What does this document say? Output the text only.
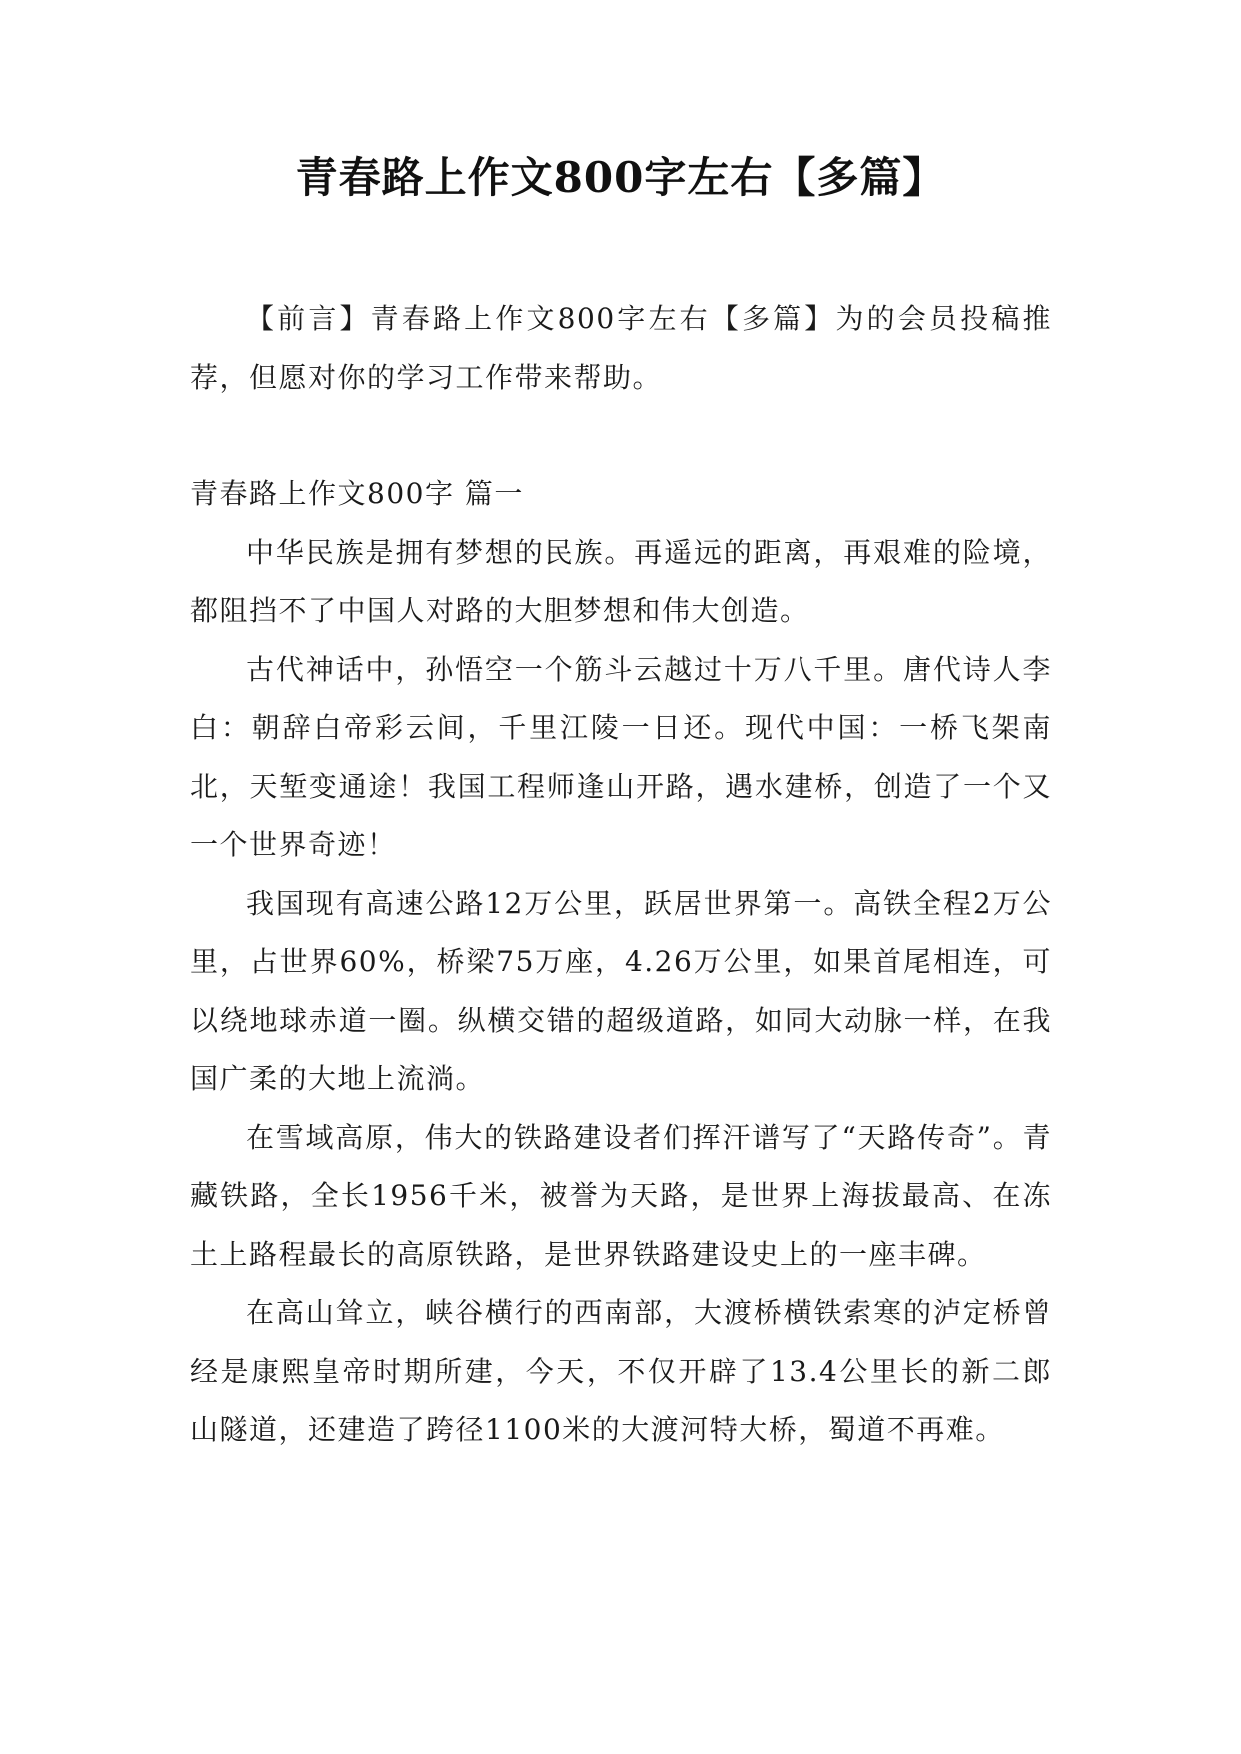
青春路上作文800字左右【多篇】

【前言】青春路上作文800字左右【多篇】为的会员投稿推荐，但愿对你的学习工作带来帮助。

青春路上作文800字 篇一

中华民族是拥有梦想的民族。再遥远的距离，再艰难的险境，都阻挡不了中国人对路的大胆梦想和伟大创造。

古代神话中，孙悟空一个筋斗云越过十万八千里。唐代诗人李白：朝辞白帝彩云间，千里江陵一日还。现代中国：一桥飞架南北，天堑变通途！我国工程师逢山开路，遇水建桥，创造了一个又一个世界奇迹！

我国现有高速公路12万公里，跃居世界第一。高铁全程2万公里，占世界60%，桥梁75万座，4.26万公里，如果首尾相连，可以绕地球赤道一圈。纵横交错的超级道路，如同大动脉一样，在我国广柔的大地上流淌。

在雪域高原，伟大的铁路建设者们挥汗谱写了“天路传奇”。青藏铁路，全长1956千米，被誉为天路，是世界上海拔最高、在冻土上路程最长的高原铁路，是世界铁路建设史上的一座丰碑。

在高山耸立，峡谷横行的西南部，大渡桥横铁索寒的泸定桥曾经是康熙皇帝时期所建，今天，不仅开辟了13.4公里长的新二郎山隧道，还建造了跨径1100米的大渡河特大桥，蜀道不再难。
